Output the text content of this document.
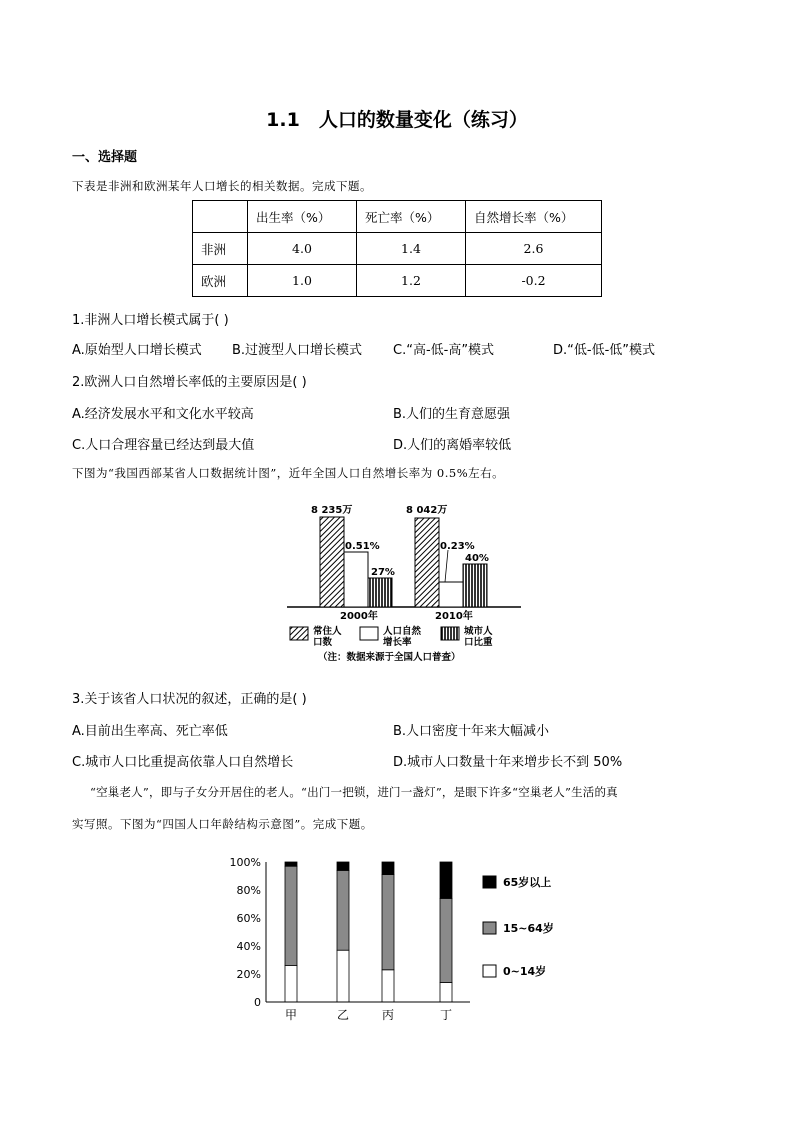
1.1　人口的数量变化（练习）
一、选择题
下表是非洲和欧洲某年人口增长的相关数据。完成下题。
	出生率（%）	死亡率（%）	自然增长率（%）
非洲	4.0	1.4	2.6
欧洲	1.0	1.2	-0.2
1.非洲人口增长模式属于( )
A.原始型人口增长模式 B.过渡型人口增长模式 C.“高-低-高”模式	D.“低-低-低”模式
2.欧洲人口自然增长率低的主要原因是( )
A.经济发展水平和文化水平较高	B.人们的生育意愿强
C.人口合理容量已经达到最大值	D.人们的离婚率较低
下图为“我国西部某省人口数据统计图”，近年全国人口自然增长率为 0.5%左右。
8 235万
0.51%
27%
8 042万
0.23%
40%
2000年	2010年
常住人
口数
人口自然
增长率
城市人
口比重
（注：数据来源于全国人口普查）
3.关于该省人口状况的叙述，正确的是( )
A.目前出生率高、死亡率低	B.人口密度十年来大幅减小
C.城市人口比重提高依靠人口自然增长	D.城市人口数量十年来增步长不到 50%
“空巢老人”，即与子女分开居住的老人。“出门一把锁，进门一盏灯”，是眼下许多“空巢老人”生活的真
实写照。下图为“四国人口年龄结构示意图”。完成下题。
100%
80%
60%
40%
20%
0
甲	乙	丙	丁
65岁以上
15~64岁
0~14岁
